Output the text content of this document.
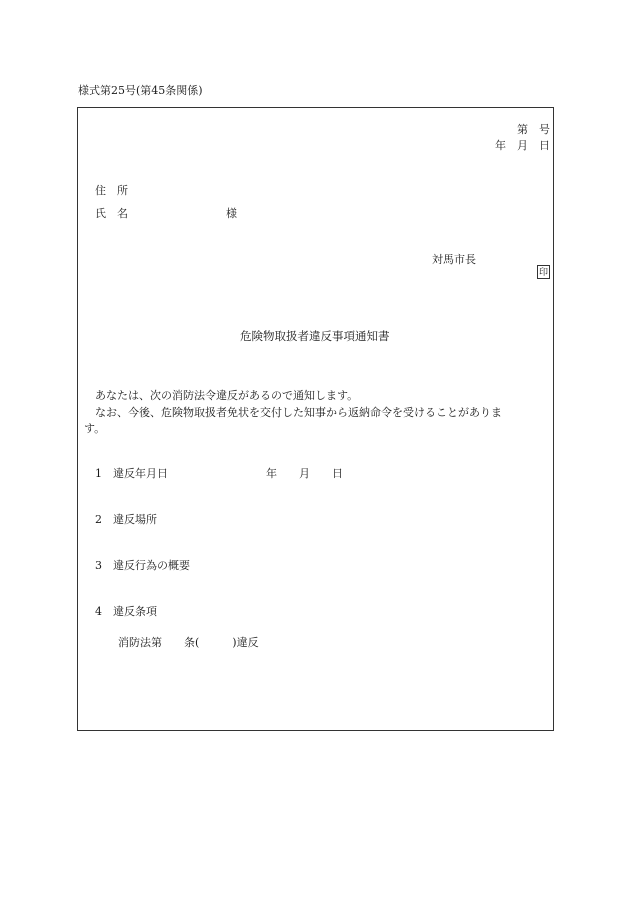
様式第25号(第45条関係)
第　号
年　月　日
住　所
氏　名	様
対馬市長
印
危険物取扱者違反事項通知書
あなたは、次の消防法令違反があるので通知します。
なお、今後、危険物取扱者免状を交付した知事から返納命令を受けることがありま
す。
1　違反年月日	年　　月　　日
2　違反場所
3　違反行為の概要
4　違反条項
消防法第　　条(　　　)違反
